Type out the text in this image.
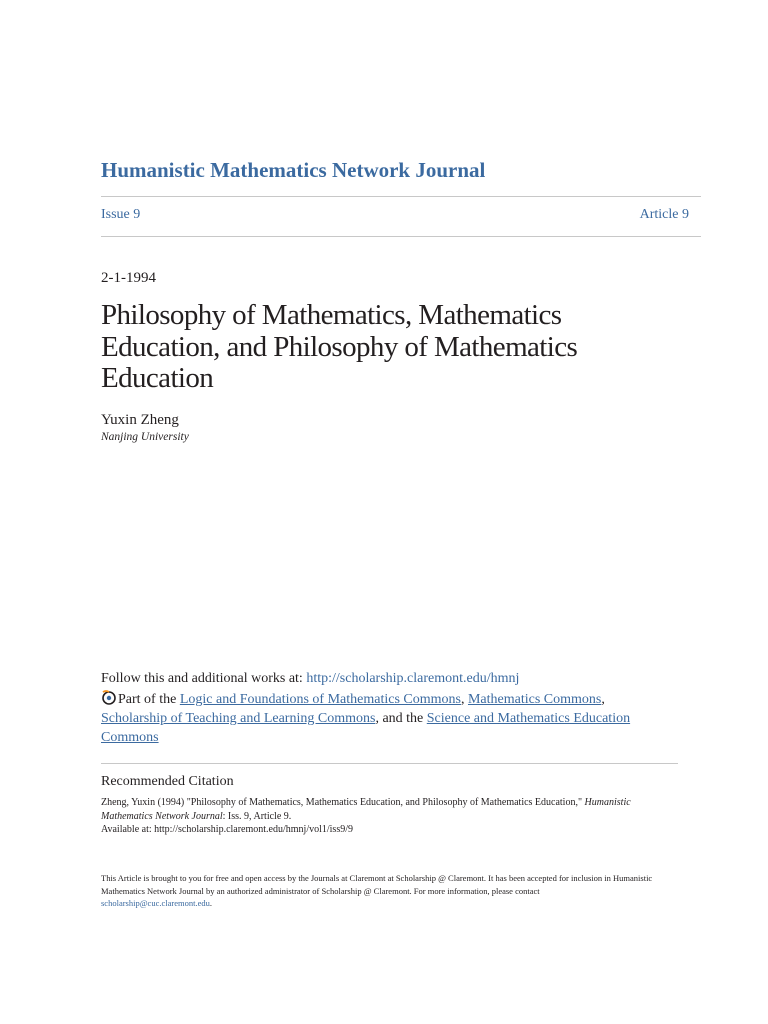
Humanistic Mathematics Network Journal
Issue 9	Article 9
2-1-1994
Philosophy of Mathematics, Mathematics Education, and Philosophy of Mathematics Education
Yuxin Zheng
Nanjing University
Follow this and additional works at: http://scholarship.claremont.edu/hmnj
Part of the Logic and Foundations of Mathematics Commons, Mathematics Commons,
Scholarship of Teaching and Learning Commons, and the Science and Mathematics Education Commons
Recommended Citation
Zheng, Yuxin (1994) "Philosophy of Mathematics, Mathematics Education, and Philosophy of Mathematics Education," Humanistic Mathematics Network Journal: Iss. 9, Article 9.
Available at: http://scholarship.claremont.edu/hmnj/vol1/iss9/9
This Article is brought to you for free and open access by the Journals at Claremont at Scholarship @ Claremont. It has been accepted for inclusion in Humanistic Mathematics Network Journal by an authorized administrator of Scholarship @ Claremont. For more information, please contact
scholarship@cuc.claremont.edu.
